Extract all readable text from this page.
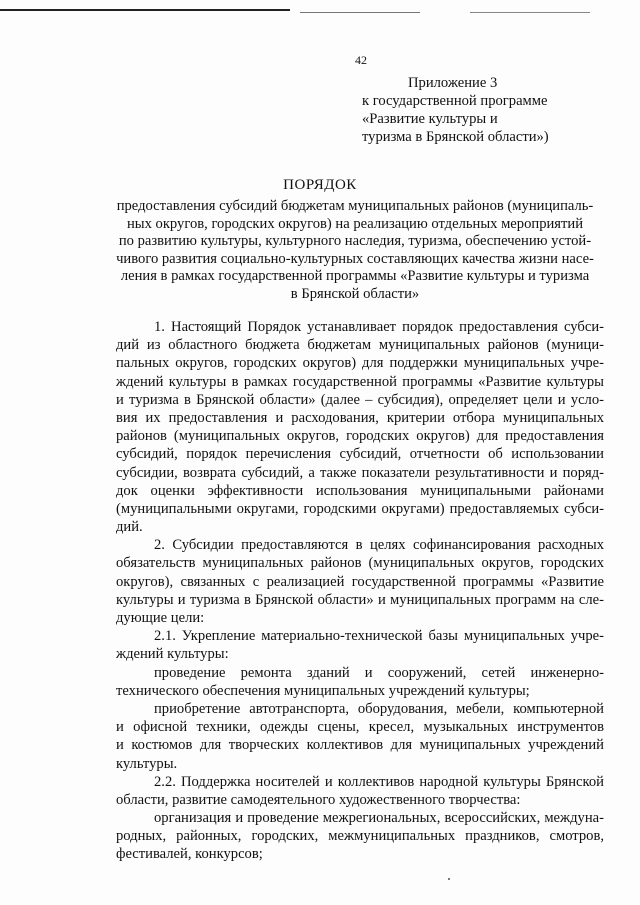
42
Приложение 3
к государственной программе
«Развитие культуры и
туризма в Брянской области»)
ПОРЯДОК
предоставления субсидий бюджетам муниципальных районов (муниципаль-
ных округов, городских округов) на реализацию отдельных мероприятий
по развитию культуры, культурного наследия, туризма, обеспечению устой-
чивого развития социально-культурных составляющих качества жизни насе-
ления в рамках государственной программы «Развитие культуры и туризма
в Брянской области»
1. Настоящий Порядок устанавливает порядок предоставления субси-
дий из областного бюджета бюджетам муниципальных районов (муници-
пальных округов, городских округов) для поддержки муниципальных учре-
ждений культуры в рамках государственной программы «Развитие культуры
и туризма в Брянской области» (далее – субсидия), определяет цели и усло-
вия их предоставления и расходования, критерии отбора муниципальных
районов (муниципальных округов, городских округов) для предоставления
субсидий, порядок перечисления субсидий, отчетности об использовании
субсидии, возврата субсидий, а также показатели результативности и поряд-
док оценки эффективности использования муниципальными районами
(муниципальными округами, городскими округами) предоставляемых субси-
дий.
2. Субсидии предоставляются в целях софинансирования расходных
обязательств муниципальных районов (муниципальных округов, городских
округов), связанных с реализацией государственной программы «Развитие
культуры и туризма в Брянской области» и муниципальных программ на сле-
дующие цели:
2.1. Укрепление материально-технической базы муниципальных учре-
ждений культуры:
проведение ремонта зданий и сооружений, сетей инженерно-
технического обеспечения муниципальных учреждений культуры;
приобретение автотранспорта, оборудования, мебели, компьютерной
и офисной техники, одежды сцены, кресел, музыкальных инструментов
и костюмов для творческих коллективов для муниципальных учреждений
культуры.
2.2. Поддержка носителей и коллективов народной культуры Брянской
области, развитие самодеятельного художественного творчества:
организация и проведение межрегиональных, всероссийских, междуна-
родных, районных, городских, межмуниципальных праздников, смотров,
фестивалей, конкурсов;
